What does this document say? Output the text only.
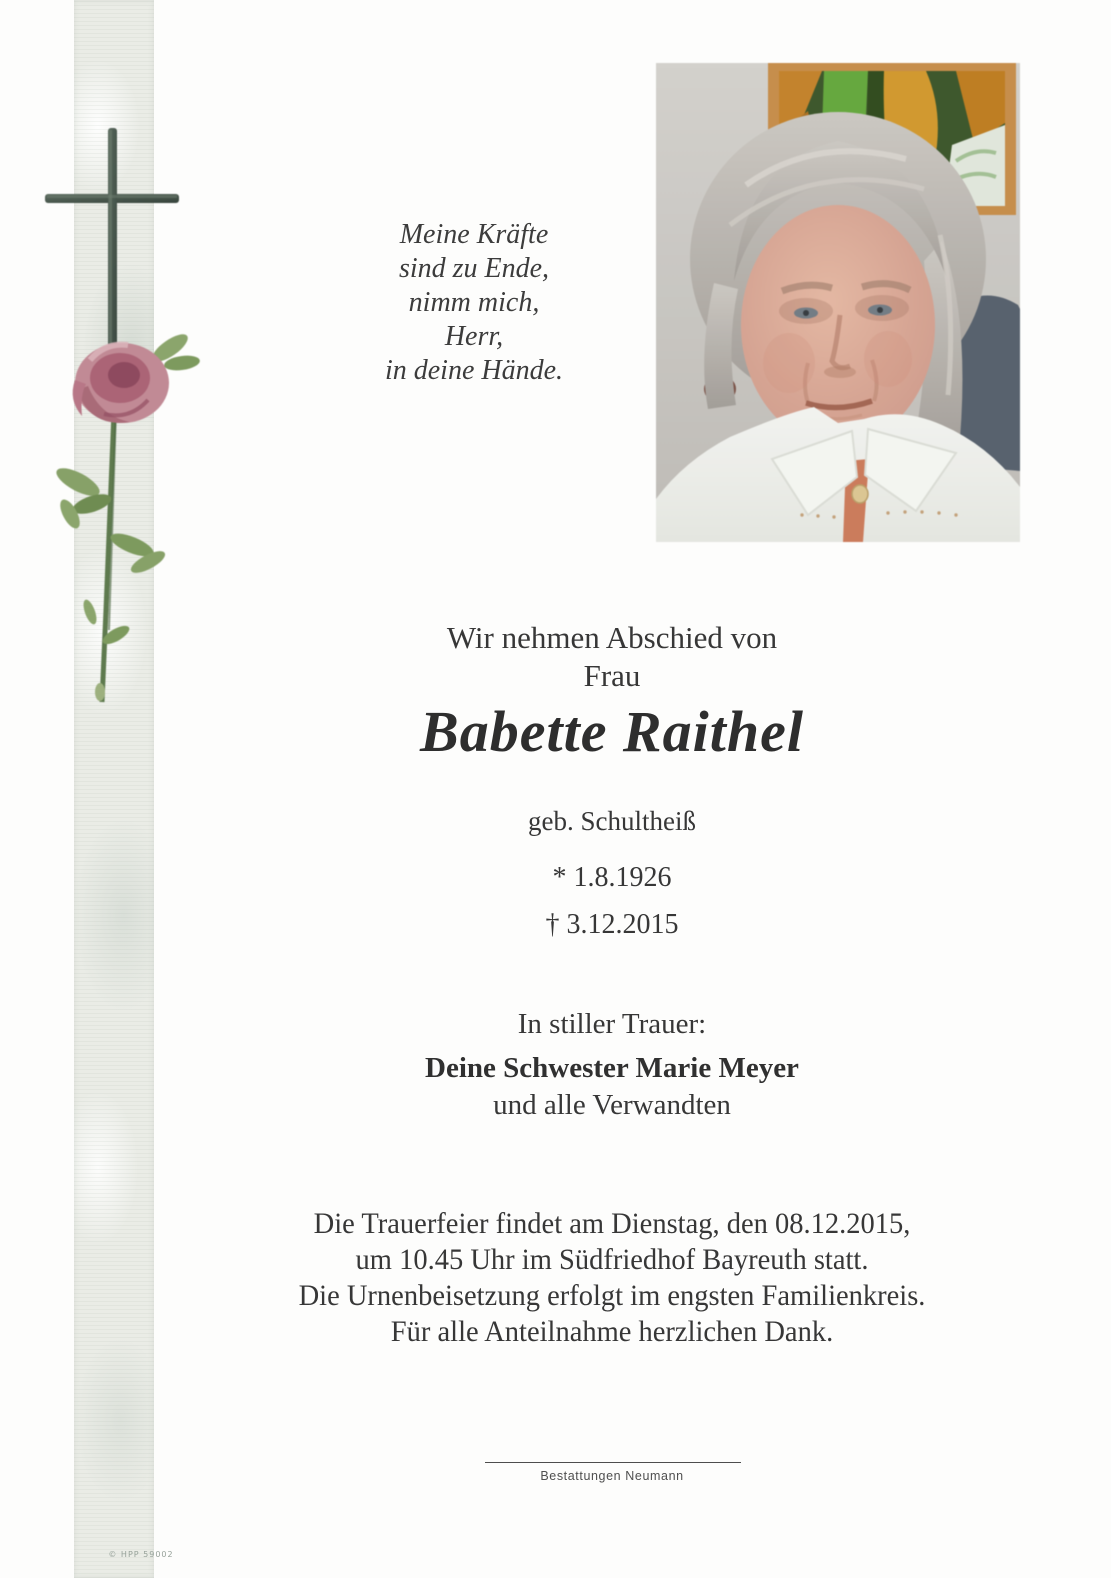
Meine Kräfte
sind zu Ende,
nimm mich,
Herr,
in deine Hände.
Wir nehmen Abschied von
Frau
Babette Raithel
geb. Schultheiß
* 1.8.1926
† 3.12.2015
In stiller Trauer:
Deine Schwester Marie Meyer
und alle Verwandten
Die Trauerfeier findet am Dienstag, den 08.12.2015,
um 10.45 Uhr im Südfriedhof Bayreuth statt.
Die Urnenbeisetzung erfolgt im engsten Familienkreis.
Für alle Anteilnahme herzlichen Dank.
Bestattungen Neumann
© HPP 59002
